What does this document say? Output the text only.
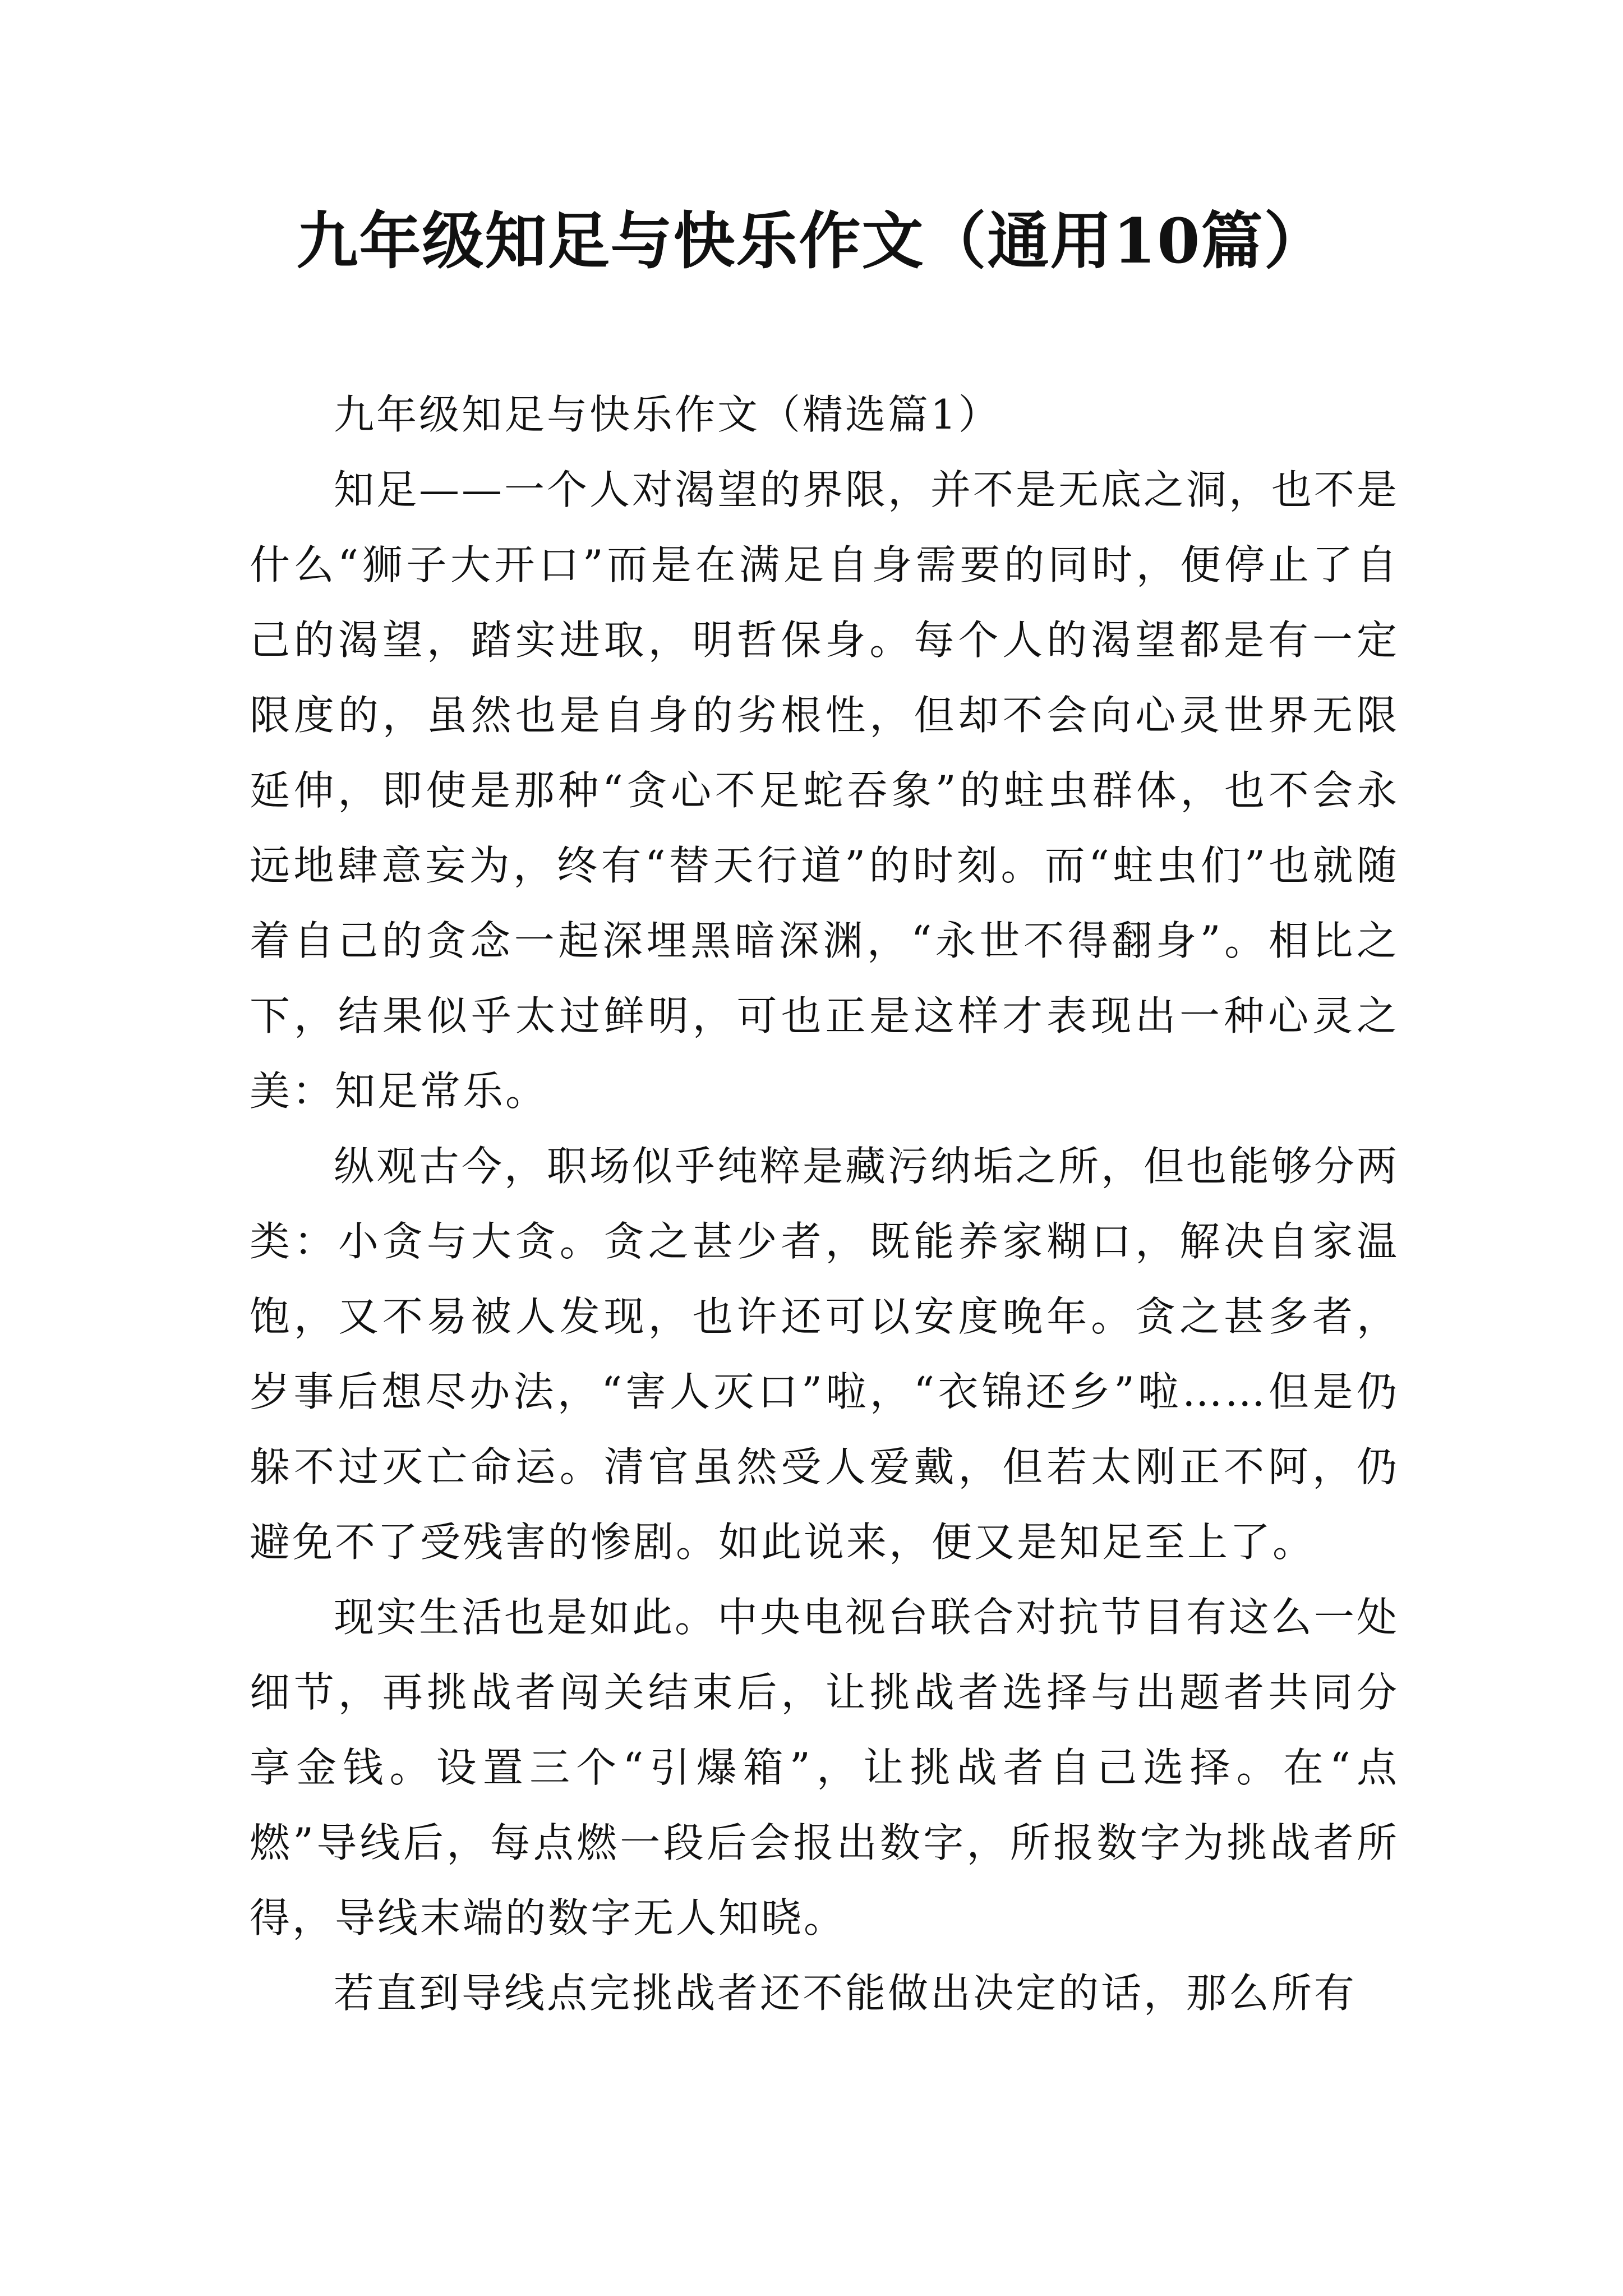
九年级知足与快乐作文（通用10篇）

九年级知足与快乐作文（精选篇1）

知足——一个人对渴望的界限，并不是无底之洞，也不是什么“狮子大开口”而是在满足自身需要的同时，便停止了自己的渴望，踏实进取，明哲保身。每个人的渴望都是有一定限度的，虽然也是自身的劣根性，但却不会向心灵世界无限延伸，即使是那种“贪心不足蛇吞象”的蛀虫群体，也不会永远地肆意妄为，终有“替天行道”的时刻。而“蛀虫们”也就随着自己的贪念一起深埋黑暗深渊，“永世不得翻身”。相比之下，结果似乎太过鲜明，可也正是这样才表现出一种心灵之美：知足常乐。

纵观古今，职场似乎纯粹是藏污纳垢之所，但也能够分两类：小贪与大贪。贪之甚少者，既能养家糊口，解决自家温饱，又不易被人发现，也许还可以安度晚年。贪之甚多者，岁事后想尽办法，“害人灭口”啦，“衣锦还乡”啦……但是仍躲不过灭亡命运。清官虽然受人爱戴，但若太刚正不阿，仍避免不了受残害的惨剧。如此说来，便又是知足至上了。

现实生活也是如此。中央电视台联合对抗节目有这么一处细节，再挑战者闯关结束后，让挑战者选择与出题者共同分享金钱。设置三个“引爆箱”，让挑战者自己选择。在“点燃”导线后，每点燃一段后会报出数字，所报数字为挑战者所得，导线末端的数字无人知晓。

若直到导线点完挑战者还不能做出决定的话，那么所有
